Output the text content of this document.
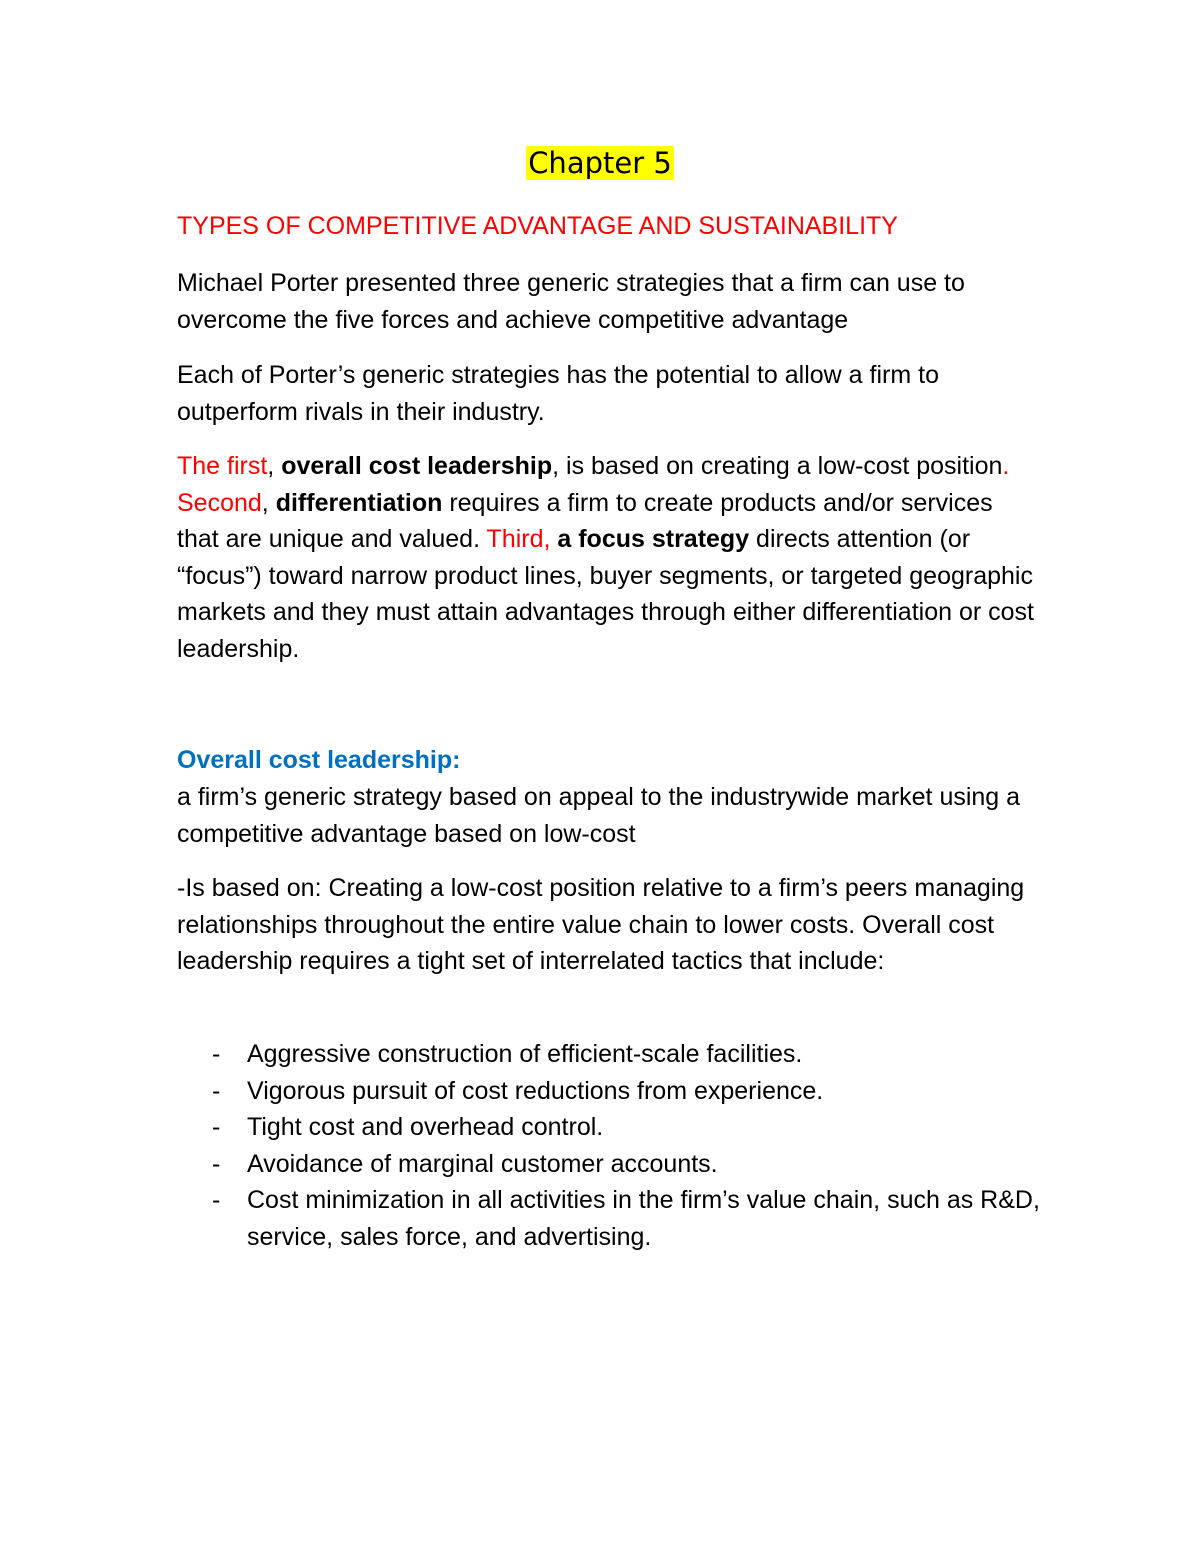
Chapter 5
TYPES OF COMPETITIVE ADVANTAGE AND SUSTAINABILITY
Michael Porter presented three generic strategies that a firm can use to overcome the five forces and achieve competitive advantage
Each of Porter’s generic strategies has the potential to allow a firm to outperform rivals in their industry.
The first, overall cost leadership, is based on creating a low-cost position. Second, differentiation requires a firm to create products and/or services that are unique and valued. Third, a focus strategy directs attention (or “focus”) toward narrow product lines, buyer segments, or targeted geographic markets and they must attain advantages through either differentiation or cost leadership.
Overall cost leadership:
a firm’s generic strategy based on appeal to the industrywide market using a competitive advantage based on low-cost
-Is based on: Creating a low-cost position relative to a firm’s peers managing relationships throughout the entire value chain to lower costs. Overall cost leadership requires a tight set of interrelated tactics that include:
- Aggressive construction of efficient-scale facilities.
- Vigorous pursuit of cost reductions from experience.
- Tight cost and overhead control.
- Avoidance of marginal customer accounts.
- Cost minimization in all activities in the firm’s value chain, such as R&D, service, sales force, and advertising.
